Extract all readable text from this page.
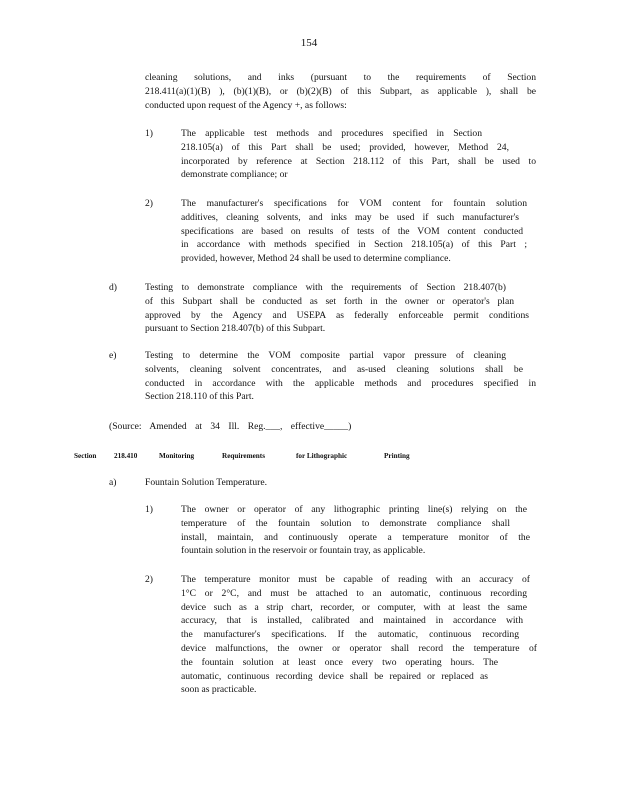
154
cleaning solutions, and inks (pursuant to the requirements of Section
218.411(a)(1)(B) ), (b)(1)(B), or (b)(2)(B) of this Subpart, as applicable ), shall be
conducted upon request of the Agency +, as follows:
1)	The applicable test methods and procedures specified in Section
218.105(a) of this Part shall be used; provided, however, Method 24,
incorporated by reference at Section 218.112 of this Part, shall be used to
demonstrate compliance; or
2)	The manufacturer's specifications for VOM content for fountain solution
additives, cleaning solvents, and inks may be used if such manufacturer's
specifications are based on results of tests of the VOM content conducted
in accordance with methods specified in Section 218.105(a) of this Part ;
provided, however, Method 24 shall be used to determine compliance.
d)	Testing to demonstrate compliance with the requirements of Section 218.407(b)
of this Subpart shall be conducted as set forth in the owner or operator's plan
approved by the Agency and USEPA as federally enforceable permit conditions
pursuant to Section 218.407(b) of this Subpart.
e)	Testing to determine the VOM composite partial vapor pressure of cleaning
solvents, cleaning solvent concentrates, and as-used cleaning solutions shall be
conducted in accordance with the applicable methods and procedures specified in
Section 218.110 of this Part.
(Source: Amended at 34 Ill. Reg.___, effective_____)
Section	218.410	Monitoring	Requirements	for Lithographic	Printing
a)	Fountain Solution Temperature.
1)	The owner or operator of any lithographic printing line(s) relying on the
temperature of the fountain solution to demonstrate compliance shall
install, maintain, and continuously operate a temperature monitor of the
fountain solution in the reservoir or fountain tray, as applicable.
2)	The temperature monitor must be capable of reading with an accuracy of
1°C or 2°C, and must be attached to an automatic, continuous recording
device such as a strip chart, recorder, or computer, with at least the same
accuracy, that is installed, calibrated and maintained in accordance with
the manufacturer's specifications. If the automatic, continuous recording
device malfunctions, the owner or operator shall record the temperature of
the fountain solution at least once every two operating hours. The
automatic, continuous recording device shall be repaired or replaced as
soon as practicable.
